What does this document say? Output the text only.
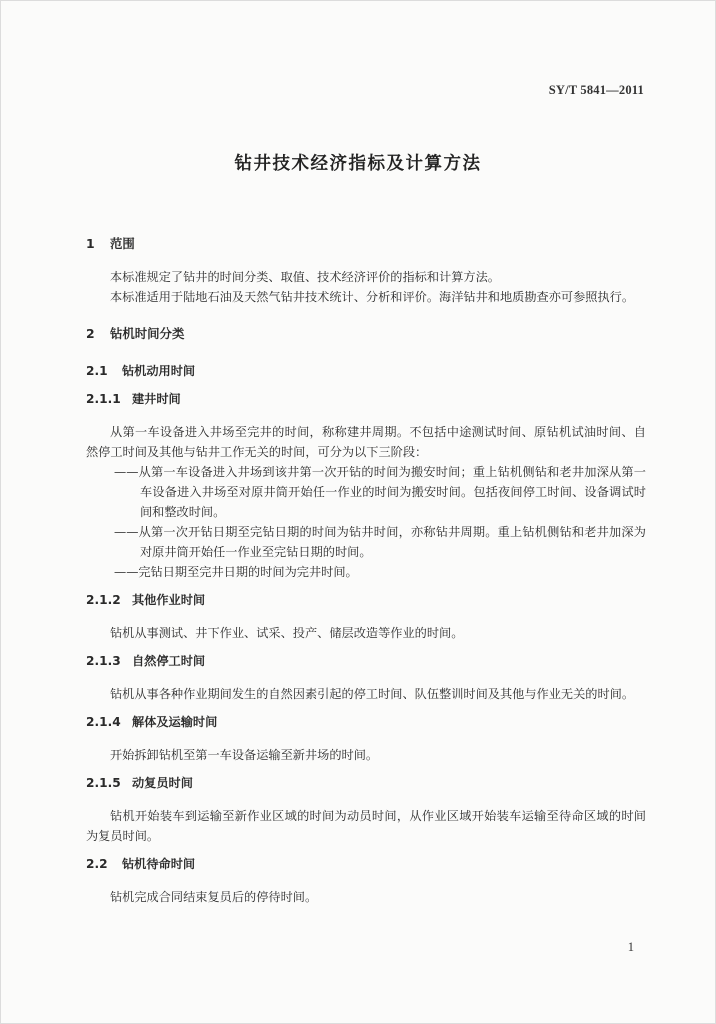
SY/T 5841—2011
钻井技术经济指标及计算方法
1 范围

本标准规定了钻井的时间分类、取值、技术经济评价的指标和计算方法。

本标准适用于陆地石油及天然气钻井技术统计、分析和评价。海洋钻井和地质勘查亦可参照执行。

2 钻机时间分类
2.1 钻机动用时间
2.1.1 建井时间

从第一车设备进入井场至完井的时间，称称建井周期。不包括中途测试时间、原钻机试油时间、自然停工时间及其他与钻井工作无关的时间，可分为以下三阶段：

——从第一车设备进入井场到该井第一次开钻的时间为搬安时间；重上钻机侧钻和老井加深从第一车设备进入井场至对原井筒开始任一作业的时间为搬安时间。包括夜间停工时间、设备调试时间和整改时间。

——从第一次开钻日期至完钻日期的时间为钻井时间，亦称钻井周期。重上钻机侧钻和老井加深为对原井筒开始任一作业至完钻日期的时间。

——完钻日期至完井日期的时间为完井时间。

2.1.2 其他作业时间

钻机从事测试、井下作业、试采、投产、储层改造等作业的时间。

2.1.3 自然停工时间

钻机从事各种作业期间发生的自然因素引起的停工时间、队伍整训时间及其他与作业无关的时间。

2.1.4 解体及运输时间

开始拆卸钻机至第一车设备运输至新井场的时间。

2.1.5 动复员时间

钻机开始装车到运输至新作业区域的时间为动员时间，从作业区域开始装车运输至待命区域的时间为复员时间。

2.2 钻机待命时间

钻机完成合同结束复员后的停待时间。

1
